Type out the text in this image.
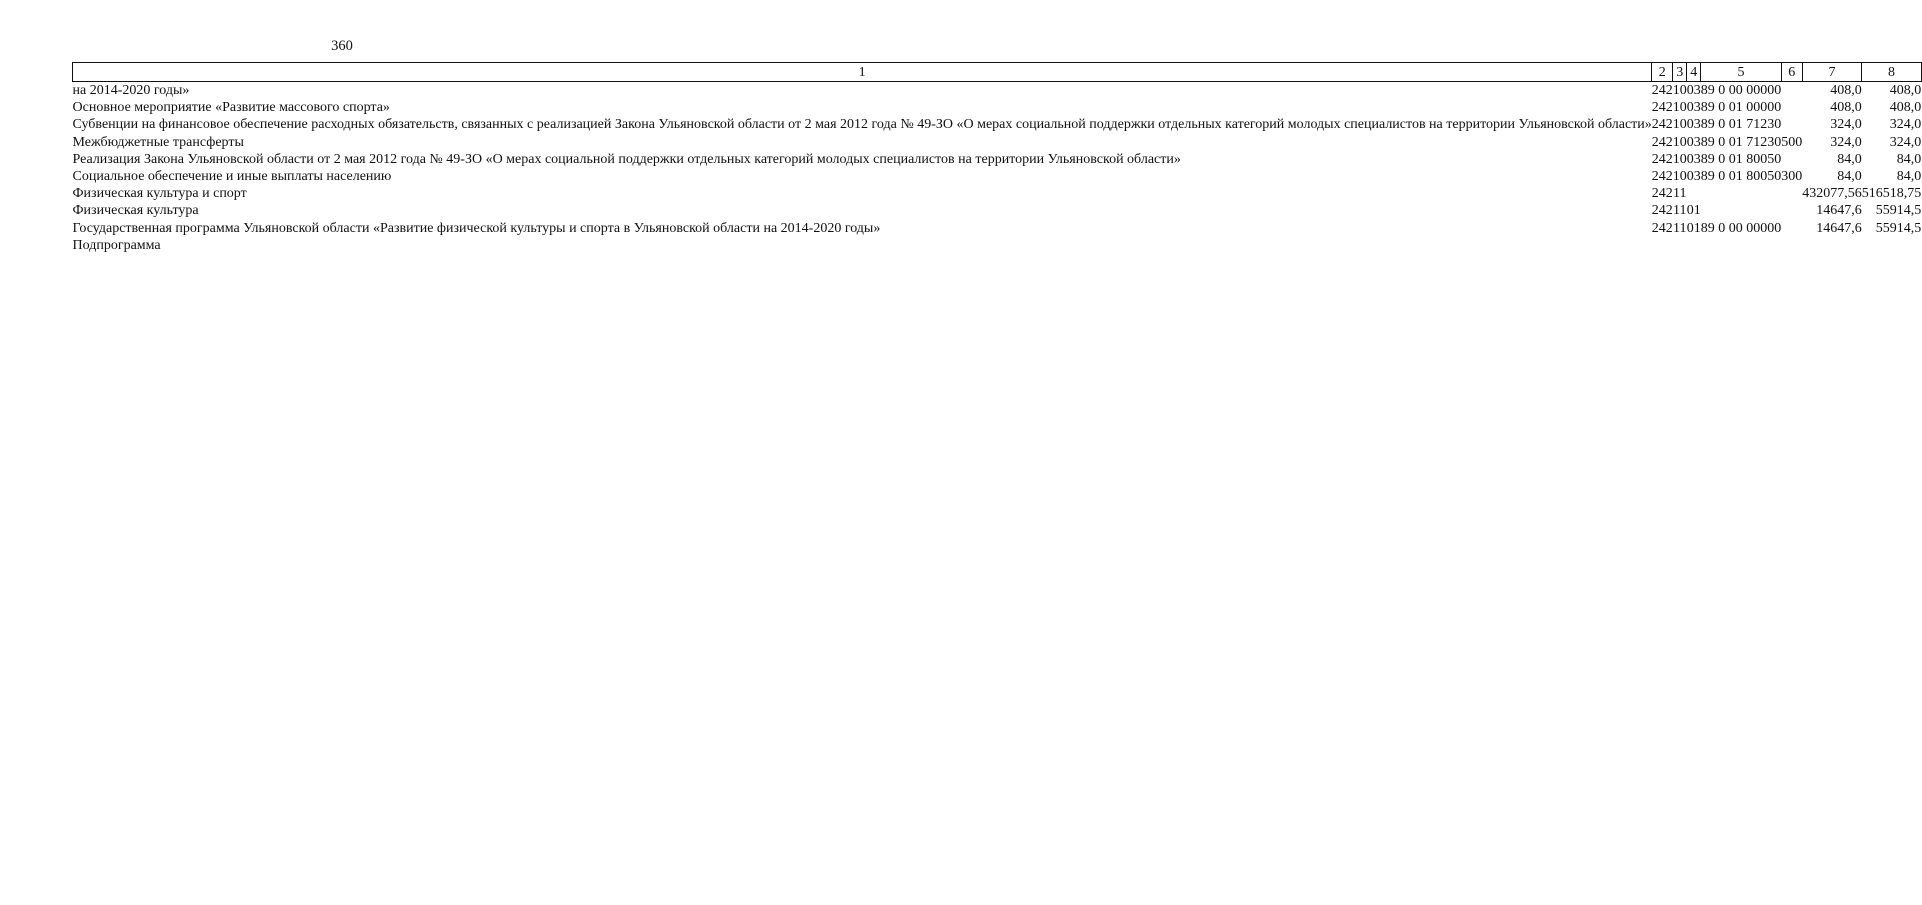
360
1	2	3	4	5	6	7	8
на 2014-2020 годы»	242	10	03	89 0 00 00000		408,0	408,0
Основное мероприятие «Развитие массового спорта»	242	10	03	89 0 01 00000		408,0	408,0
Субвенции на финансовое обеспечение расходных обязательств, связанных с реализацией Закона Ульяновской области от 2 мая 2012 года № 49-ЗО «О мерах социальной поддержки отдельных категорий молодых специалистов на территории Ульяновской области»	242	10	03	89 0 01 71230		324,0	324,0
Межбюджетные трансферты	242	10	03	89 0 01 71230	500	324,0	324,0
Реализация Закона Ульяновской области от 2 мая 2012 года № 49-ЗО «О мерах социальной поддержки отдельных категорий молодых специалистов на территории Ульяновской области»	242	10	03	89 0 01 80050		84,0	84,0
Социальное обеспечение и иные выплаты населению	242	10	03	89 0 01 80050	300	84,0	84,0
Физическая культура и спорт	242	11				432077,56	516518,75
Физическая культура	242	11	01			14647,6	55914,5
Государственная программа Ульяновской области «Развитие физической культуры и спорта в Ульяновской области на 2014-2020 годы»	242	11	01	89 0 00 00000		14647,6	55914,5
Подпрограмма							
